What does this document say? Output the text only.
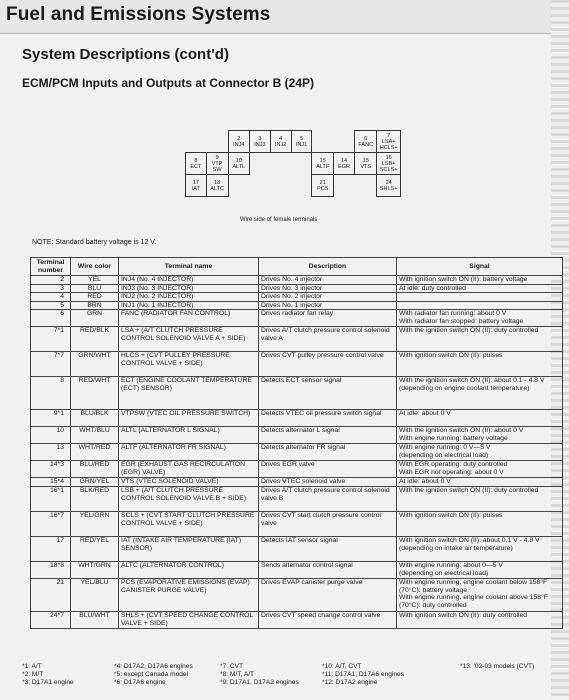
Fuel and Emissions Systems
System Descriptions (cont'd)
ECM/PCM Inputs and Outputs at Connector B (24P)
		2
INJ4	3
INJ3	4
INJ2	5
INJ1			6
FANC	7
LSA+
HCLS+
8
ECT	9
VTP
SW	10
ALTL				15
ALTF	14
EGR	15
VTS	16
LSB+
SCLS+
17
IAT	18
ALTC					21
PCS			24
SHLS+
Wire side of female terminals
NOTE: Standard battery voltage is 12 V.
Terminal number	Wire color	Terminal name	Description	Signal
2	YEL	INJ4 (No. 4 INJECTOR)	Drives No. 4 injector	With ignition switch ON (II): battery voltage
3	BLU	INJ3 (No. 3 INJECTOR)	Drives No. 3 injector	At idle: duty controlled
4	RED	INJ2 (No. 2 INJECTOR)	Drives No. 2 injector	
5	BRN	INJ1 (No. 1 INJECTOR)	Drives No. 1 injector	
6	GRN	FANC (RADIATOR FAN CONTROL)	Drives radiator fan relay	With radiator fan running: about 0 V
With radiator fan stopped: battery voltage
7*1	RED/BLK	LSA + (A/T CLUTCH PRESSURE CONTROL SOLENOID VALVE A + SIDE)	Drives A/T clutch pressure control solenoid valve A	With the ignition switch ON (II): duty controlled
7*7	GRN/WHT	HLCS + (CVT PULLEY PRESSURE CONTROL VALVE + SIDE)	Drives CVT pulley pressure control valve	With ignition switch ON (II): pulses
8	RED/WHT	ECT (ENGINE COOLANT TEMPERATURE (ECT) SENSOR)	Detects ECT sensor signal	With the ignition switch ON (II): about 0.1 - 4.8 V
(depending on engine coolant temperature)
9*1	BLU/BLK	VTPSW (VTEC OIL PRESSURE SWITCH)	Detects VTEC oil pressure switch signal	At idle: about 0 V
10	WHT/BLU	ALTL (ALTERNATOR L SIGNAL)	Detects alternator L signal	With the ignition switch ON (II): about 0 V
With engine running: battery voltage
13	WHT/RED	ALTF (ALTERNATOR FR SIGNAL)	Detects alternator FR signal	With engine running: 0 V—5 V
(depending on electrical load)
14*3	BLU/RED	EGR (EXHAUST GAS RECIRCULATION (EGR) VALVE)	Drives EGR valve	With EGR operating: duty controlled
With EGR not operating: about 0 V
15*4	GRN/YEL	VTS (VTEC SOLENOID VALVE)	Drives VTEC solenoid valve	At idle: about 0 V
16*1	BLK/RED	LSB + (A/T CLUTCH PRESSURE CONTROL SOLENOID VALVE B + SIDE)	Drives A/T clutch pressure control solenoid valve B	With the ignition switch ON (II): duty controlled
16*7	YEL/GRN	SCLS + (CVT START CLUTCH PRESSURE CONTROL VALVE + SIDE)	Drives CVT start clutch pressure control valve	With ignition switch ON (II): pulses
17	RED/YEL	IAT (INTAKE AIR TEMPERATURE (IAT) SENSOR)	Detects IAT sensor signal	With ignition switch ON (II): about 0.1 V - 4.8 V
(depending on intake air temperature)
18*8	WHT/GRN	ALTC (ALTERNATOR CONTROL)	Sends alternator control signal	With engine running: about 0—5 V
(depending on electrical load)
21	YEL/BLU	PCS (EVAPORATIVE EMISSIONS (EVAP) CANISTER PURGE VALVE)	Drives EVAP canister purge valve	With engine running, engine coolant below 158°F (70°C): battery voltage
With engine running, engine coolant above 158°F (70°C): duty controlled
24*7	BLU/WHT	SHLS + (CVT SPEED CHANGE CONTROL VALVE + SIDE)	Drives CVT speed change control valve	With ignition switch ON (II): duty controlled
*1: A/T
*2: M/T
*3: D17A1 engine
*4: D17A2, D17A6 engines
*5: except Canada model
*6: D17A6 engine
*7: CVT
*8: M/T, A/T
*9: D17A1, D17A2 engines
*10: A/T, CVT
*11: D17A1, D17A6 engines
*12: D17A2 engine
*13: '02-03 models (CVT)
